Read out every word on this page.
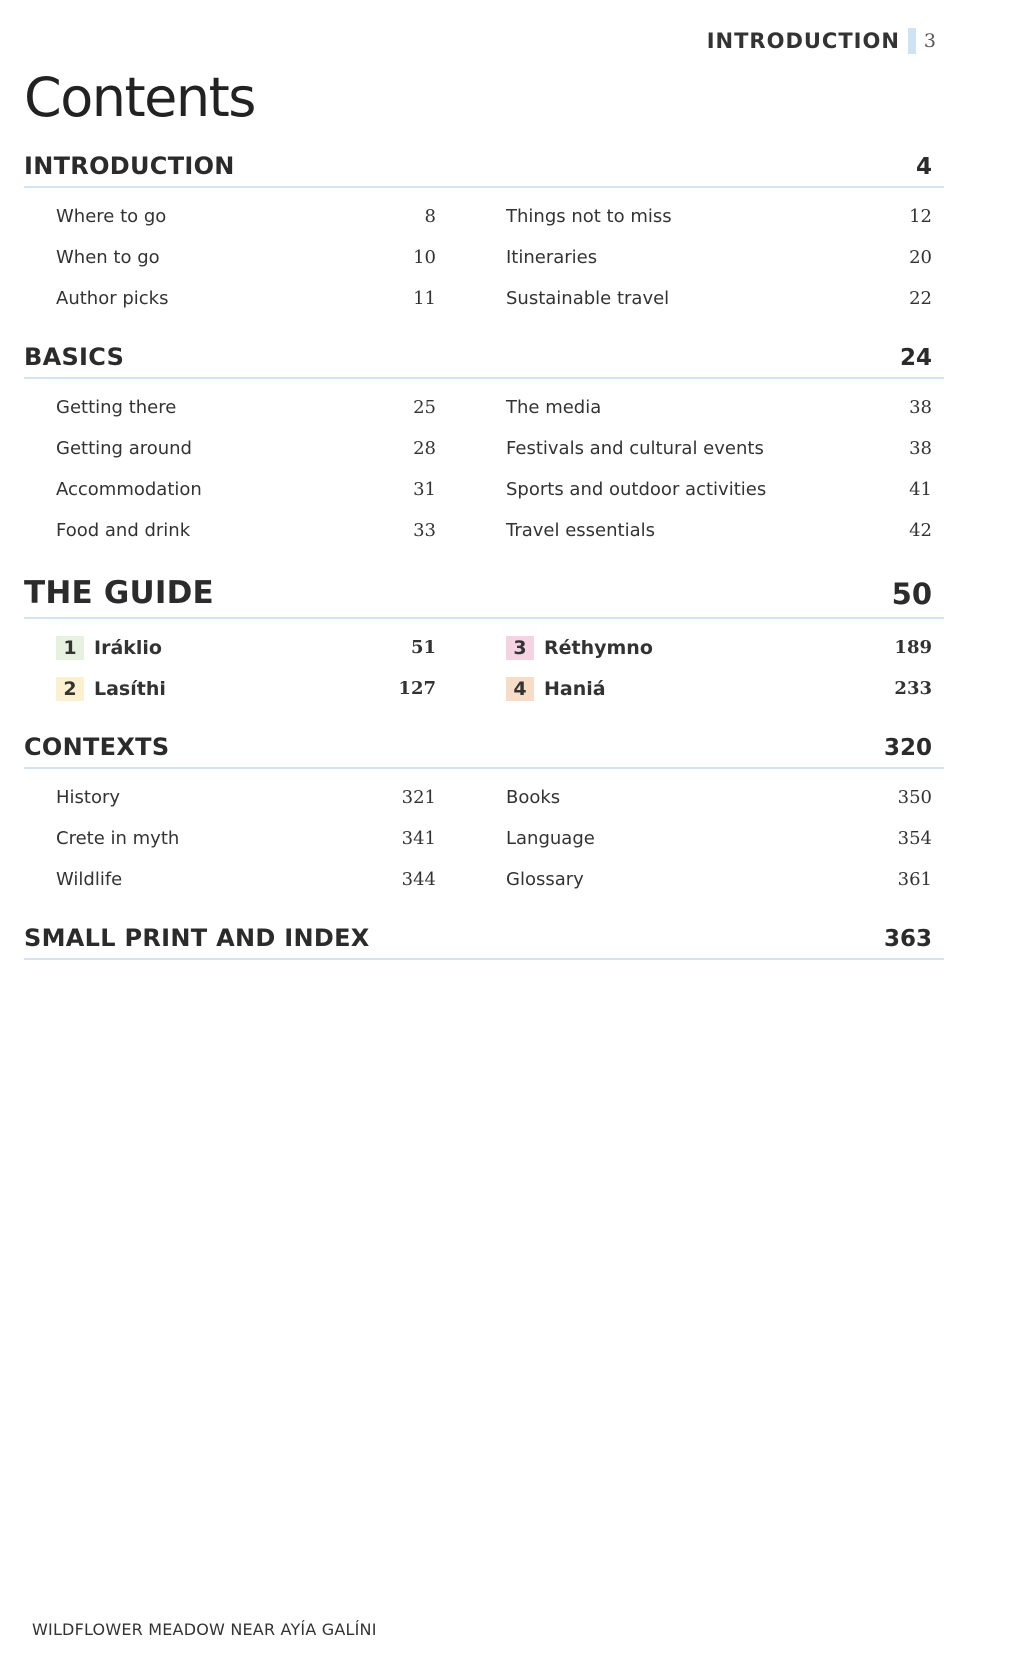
INTRODUCTION 3
Contents
INTRODUCTION	4
Where to go	8
When to go	10
Author picks	11
Things not to miss	12
Itineraries	20
Sustainable travel	22
BASICS	24
Getting there	25
Getting around	28
Accommodation	31
Food and drink	33
The media	38
Festivals and cultural events	38
Sports and outdoor activities	41
Travel essentials	42
THE GUIDE	50
1 Iráklio	51
2 Lasíthi	127
3 Réthymno	189
4 Haniá	233
CONTEXTS	320
History	321
Crete in myth	341
Wildlife	344
Books	350
Language	354
Glossary	361
SMALL PRINT AND INDEX	363
WILDFLOWER MEADOW NEAR AYÍA GALÍNI
